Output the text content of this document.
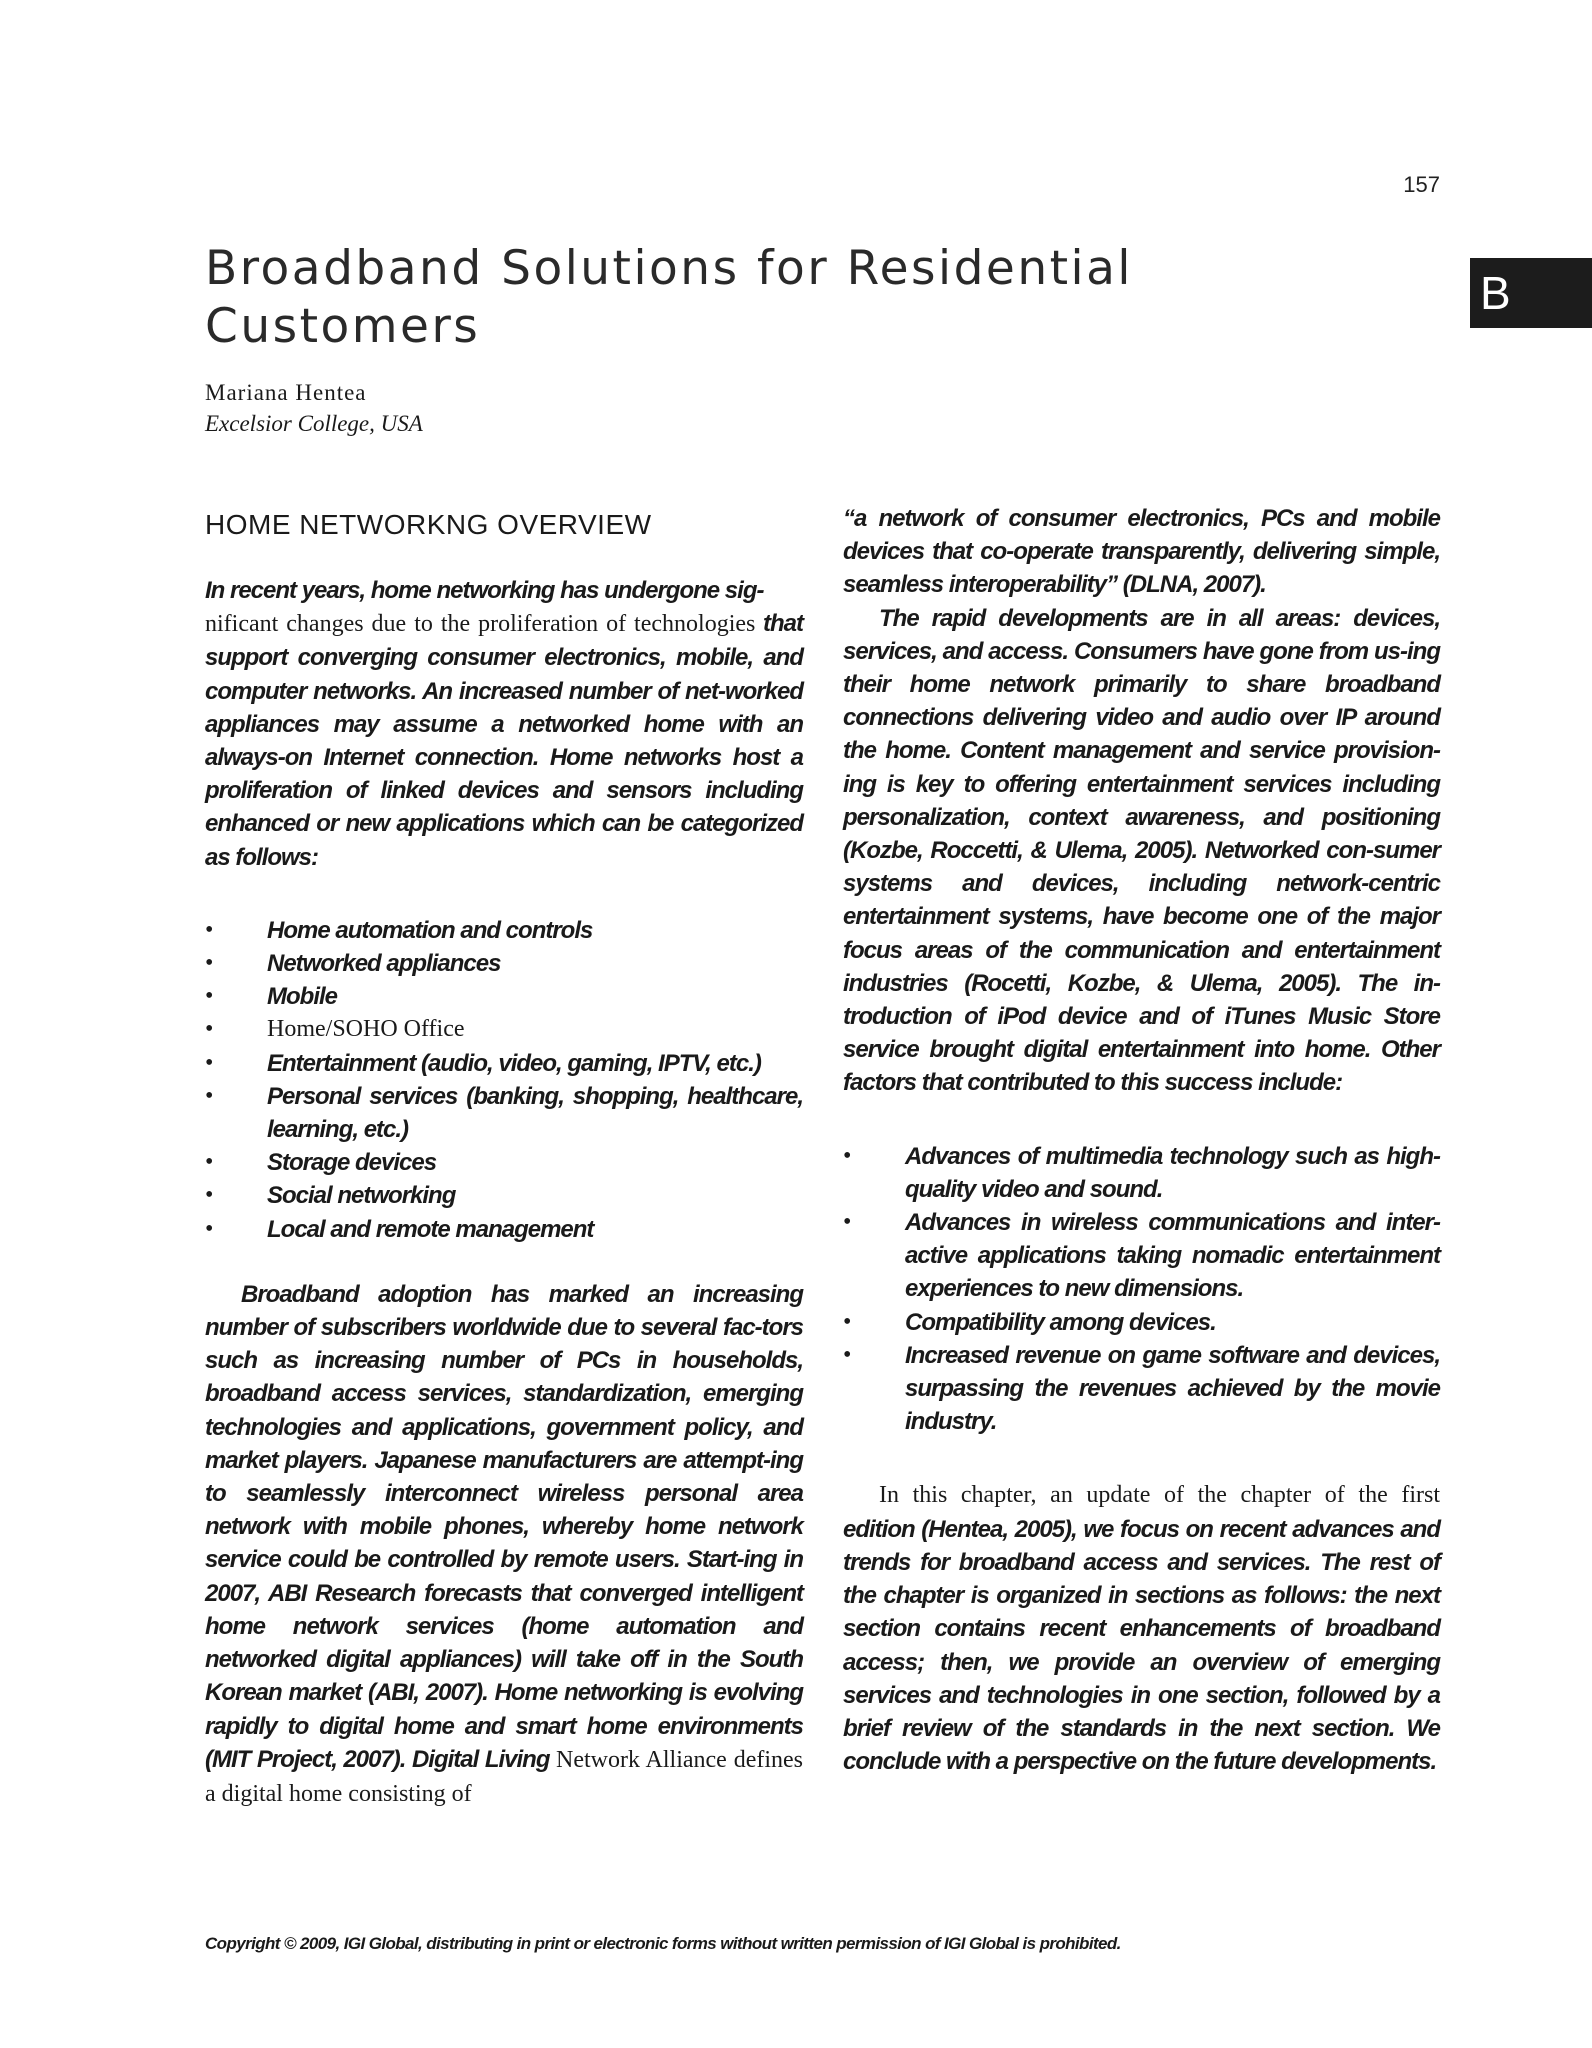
157
B
Broadband Solutions for Residential Customers

Mariana Hentea

Excelsior College, USA

HOME NETWORKNG OVERVIEW

In recent years, home networking has undergone sig-
nificant changes due to the proliferation of technologies that support converging consumer electronics, mobile, and computer networks. An increased number of net-worked appliances may assume a networked home with an always-on Internet connection. Home networks host a proliferation of linked devices and sensors including enhanced or new applications which can be categorized as follows:

• Home automation and controls
• Networked appliances
• Mobile
• Home/SOHO Office
• Entertainment (audio, video, gaming, IPTV, etc.)
• Personal services (banking, shopping, healthcare, learning, etc.)
• Storage devices
• Social networking
• Local and remote management

Broadband adoption has marked an increasing number of subscribers worldwide due to several fac-tors such as increasing number of PCs in households, broadband access services, standardization, emerging technologies and applications, government policy, and market players. Japanese manufacturers are attempt-ing to seamlessly interconnect wireless personal area network with mobile phones, whereby home network service could be controlled by remote users. Start-ing in 2007, ABI Research forecasts that converged intelligent home network services (home automation and networked digital appliances) will take off in the South Korean market (ABI, 2007). Home networking is evolving rapidly to digital home and smart home environments (MIT Project, 2007). Digital Living Network Alliance defines a digital home consisting of

“a network of consumer electronics, PCs and mobile devices that co-operate transparently, delivering simple, seamless interoperability” (DLNA, 2007).

The rapid developments are in all areas: devices, services, and access. Consumers have gone from us-ing their home network primarily to share broadband connections delivering video and audio over IP around the home. Content management and service provision-ing is key to offering entertainment services including personalization, context awareness, and positioning (Kozbe, Roccetti, & Ulema, 2005). Networked con-sumer systems and devices, including network-centric entertainment systems, have become one of the major focus areas of the communication and entertainment industries (Rocetti, Kozbe, & Ulema, 2005). The in-troduction of iPod device and of iTunes Music Store service brought digital entertainment into home. Other factors that contributed to this success include:

• Advances of multimedia technology such as high-quality video and sound.
• Advances in wireless communications and inter-active applications taking nomadic entertainment experiences to new dimensions.
• Compatibility among devices.
• Increased revenue on game software and devices, surpassing the revenues achieved by the movie industry.

In this chapter, an update of the chapter of the first edition (Hentea, 2005), we focus on recent advances and trends for broadband access and services. The rest of the chapter is organized in sections as follows: the next section contains recent enhancements of broadband access; then, we provide an overview of emerging services and technologies in one section, followed by a brief review of the standards in the next section. We conclude with a perspective on the future developments.

Copyright © 2009, IGI Global, distributing in print or electronic forms without written permission of IGI Global is prohibited.
